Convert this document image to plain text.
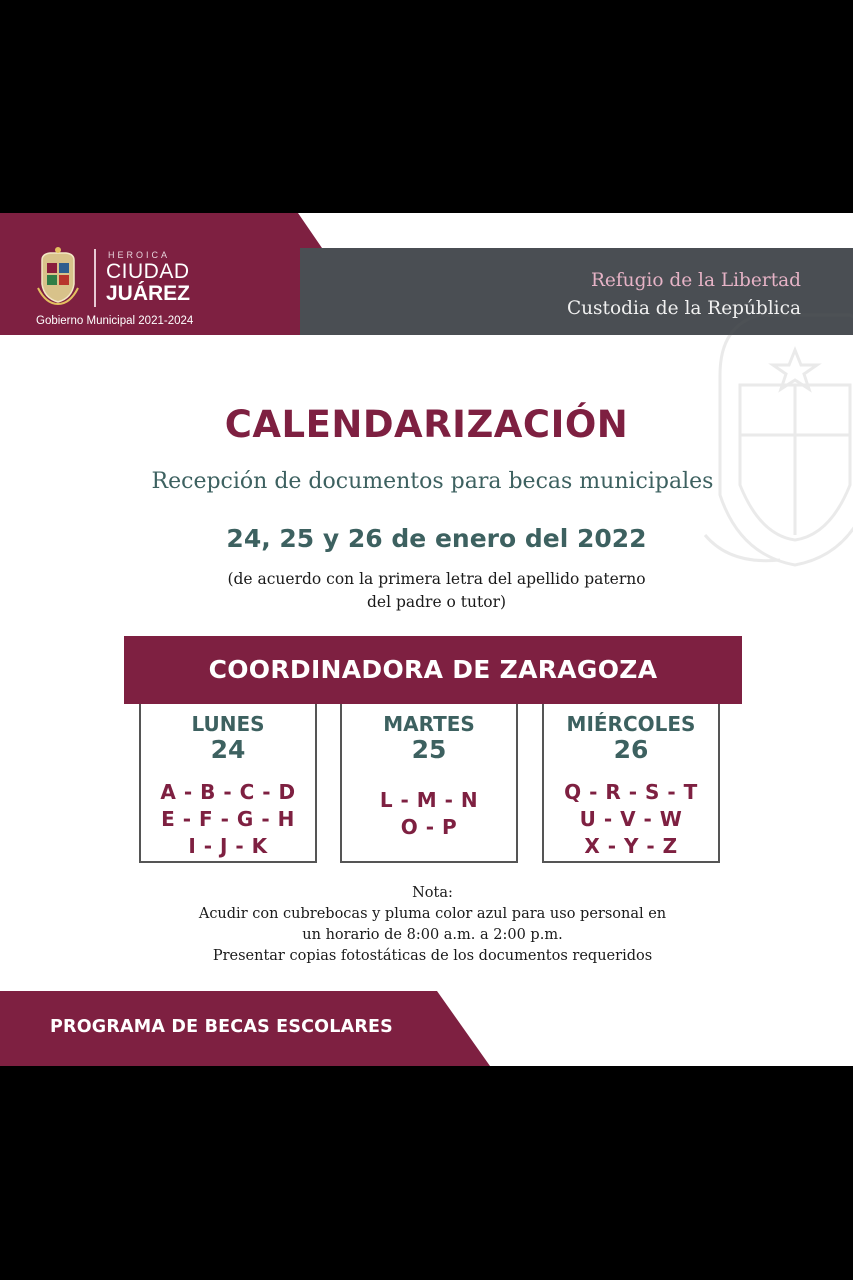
HEROICA
CIUDAD
JUÁREZ
Gobierno Municipal 2021-2024
Refugio de la Libertad
Custodia de la República
CALENDARIZACIÓN
Recepción de documentos para becas municipales
24, 25 y 26 de enero del 2022
(de acuerdo con la primera letra del apellido paterno
del padre o tutor)
COORDINADORA DE ZARAGOZA
LUNES
24
A - B - C - D
E - F - G - H
I - J - K
MARTES
25
L - M - N
O - P
MIÉRCOLES
26
Q - R - S - T
U - V - W
X - Y - Z
Nota:
Acudir con cubrebocas y pluma color azul para uso personal en
un horario de 8:00 a.m. a 2:00 p.m.
Presentar copias fotostáticas de los documentos requeridos
PROGRAMA DE BECAS ESCOLARES
